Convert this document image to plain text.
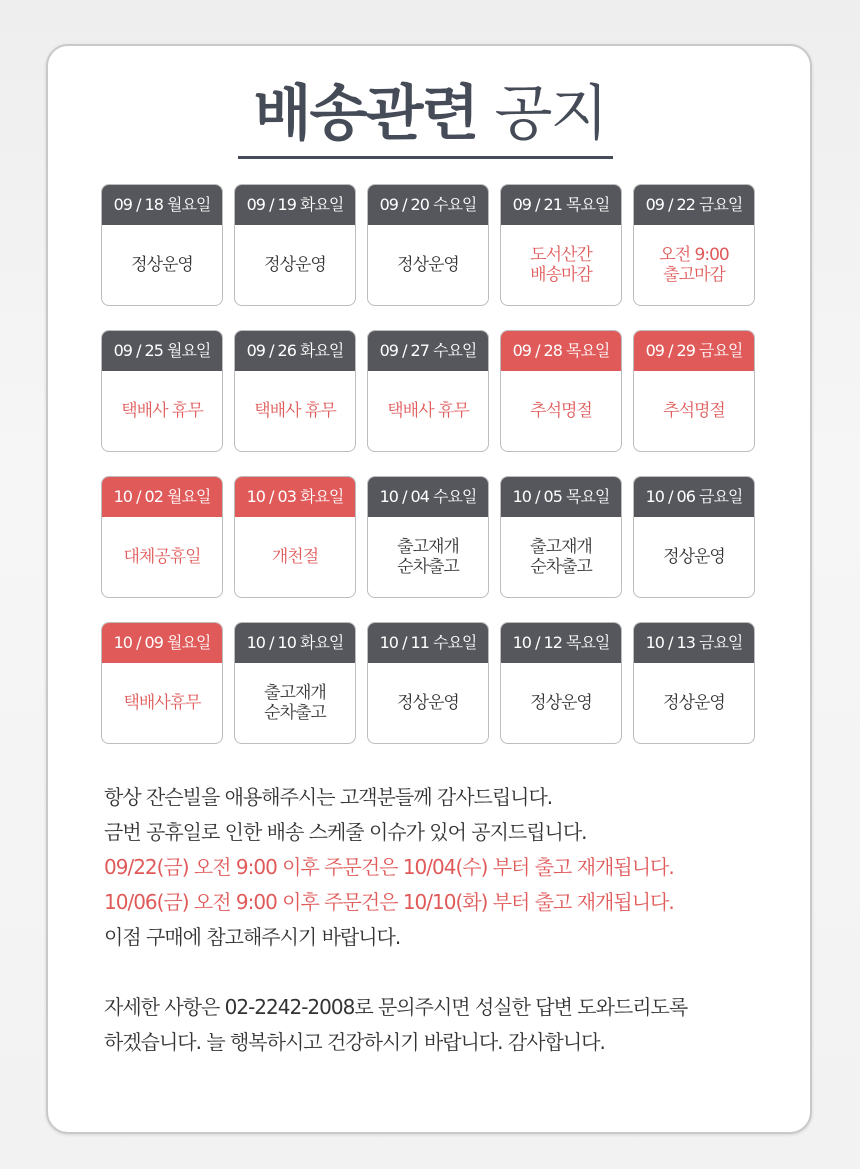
배송관련 공지
09 / 18 월요일
정상운영
09 / 19 화요일
정상운영
09 / 20 수요일
정상운영
09 / 21 목요일
도서산간
배송마감
09 / 22 금요일
오전 9:00
출고마감
09 / 25 월요일
택배사 휴무
09 / 26 화요일
택배사 휴무
09 / 27 수요일
택배사 휴무
09 / 28 목요일
추석명절
09 / 29 금요일
추석명절
10 / 02 월요일
대체공휴일
10 / 03 화요일
개천절
10 / 04 수요일
출고재개
순차출고
10 / 05 목요일
출고재개
순차출고
10 / 06 금요일
정상운영
10 / 09 월요일
택배사휴무
10 / 10 화요일
출고재개
순차출고
10 / 11 수요일
정상운영
10 / 12 목요일
정상운영
10 / 13 금요일
정상운영
항상 잔슨빌을 애용해주시는 고객분들께 감사드립니다.
금번 공휴일로 인한 배송 스케줄 이슈가 있어 공지드립니다.
09/22(금) 오전 9:00 이후 주문건은 10/04(수) 부터 출고 재개됩니다.
10/06(금) 오전 9:00 이후 주문건은 10/10(화) 부터 출고 재개됩니다.
이점 구매에 참고해주시기 바랍니다.
자세한 사항은 02-2242-2008로 문의주시면 성실한 답변 도와드리도록
하겠습니다. 늘 행복하시고 건강하시기 바랍니다. 감사합니다.
